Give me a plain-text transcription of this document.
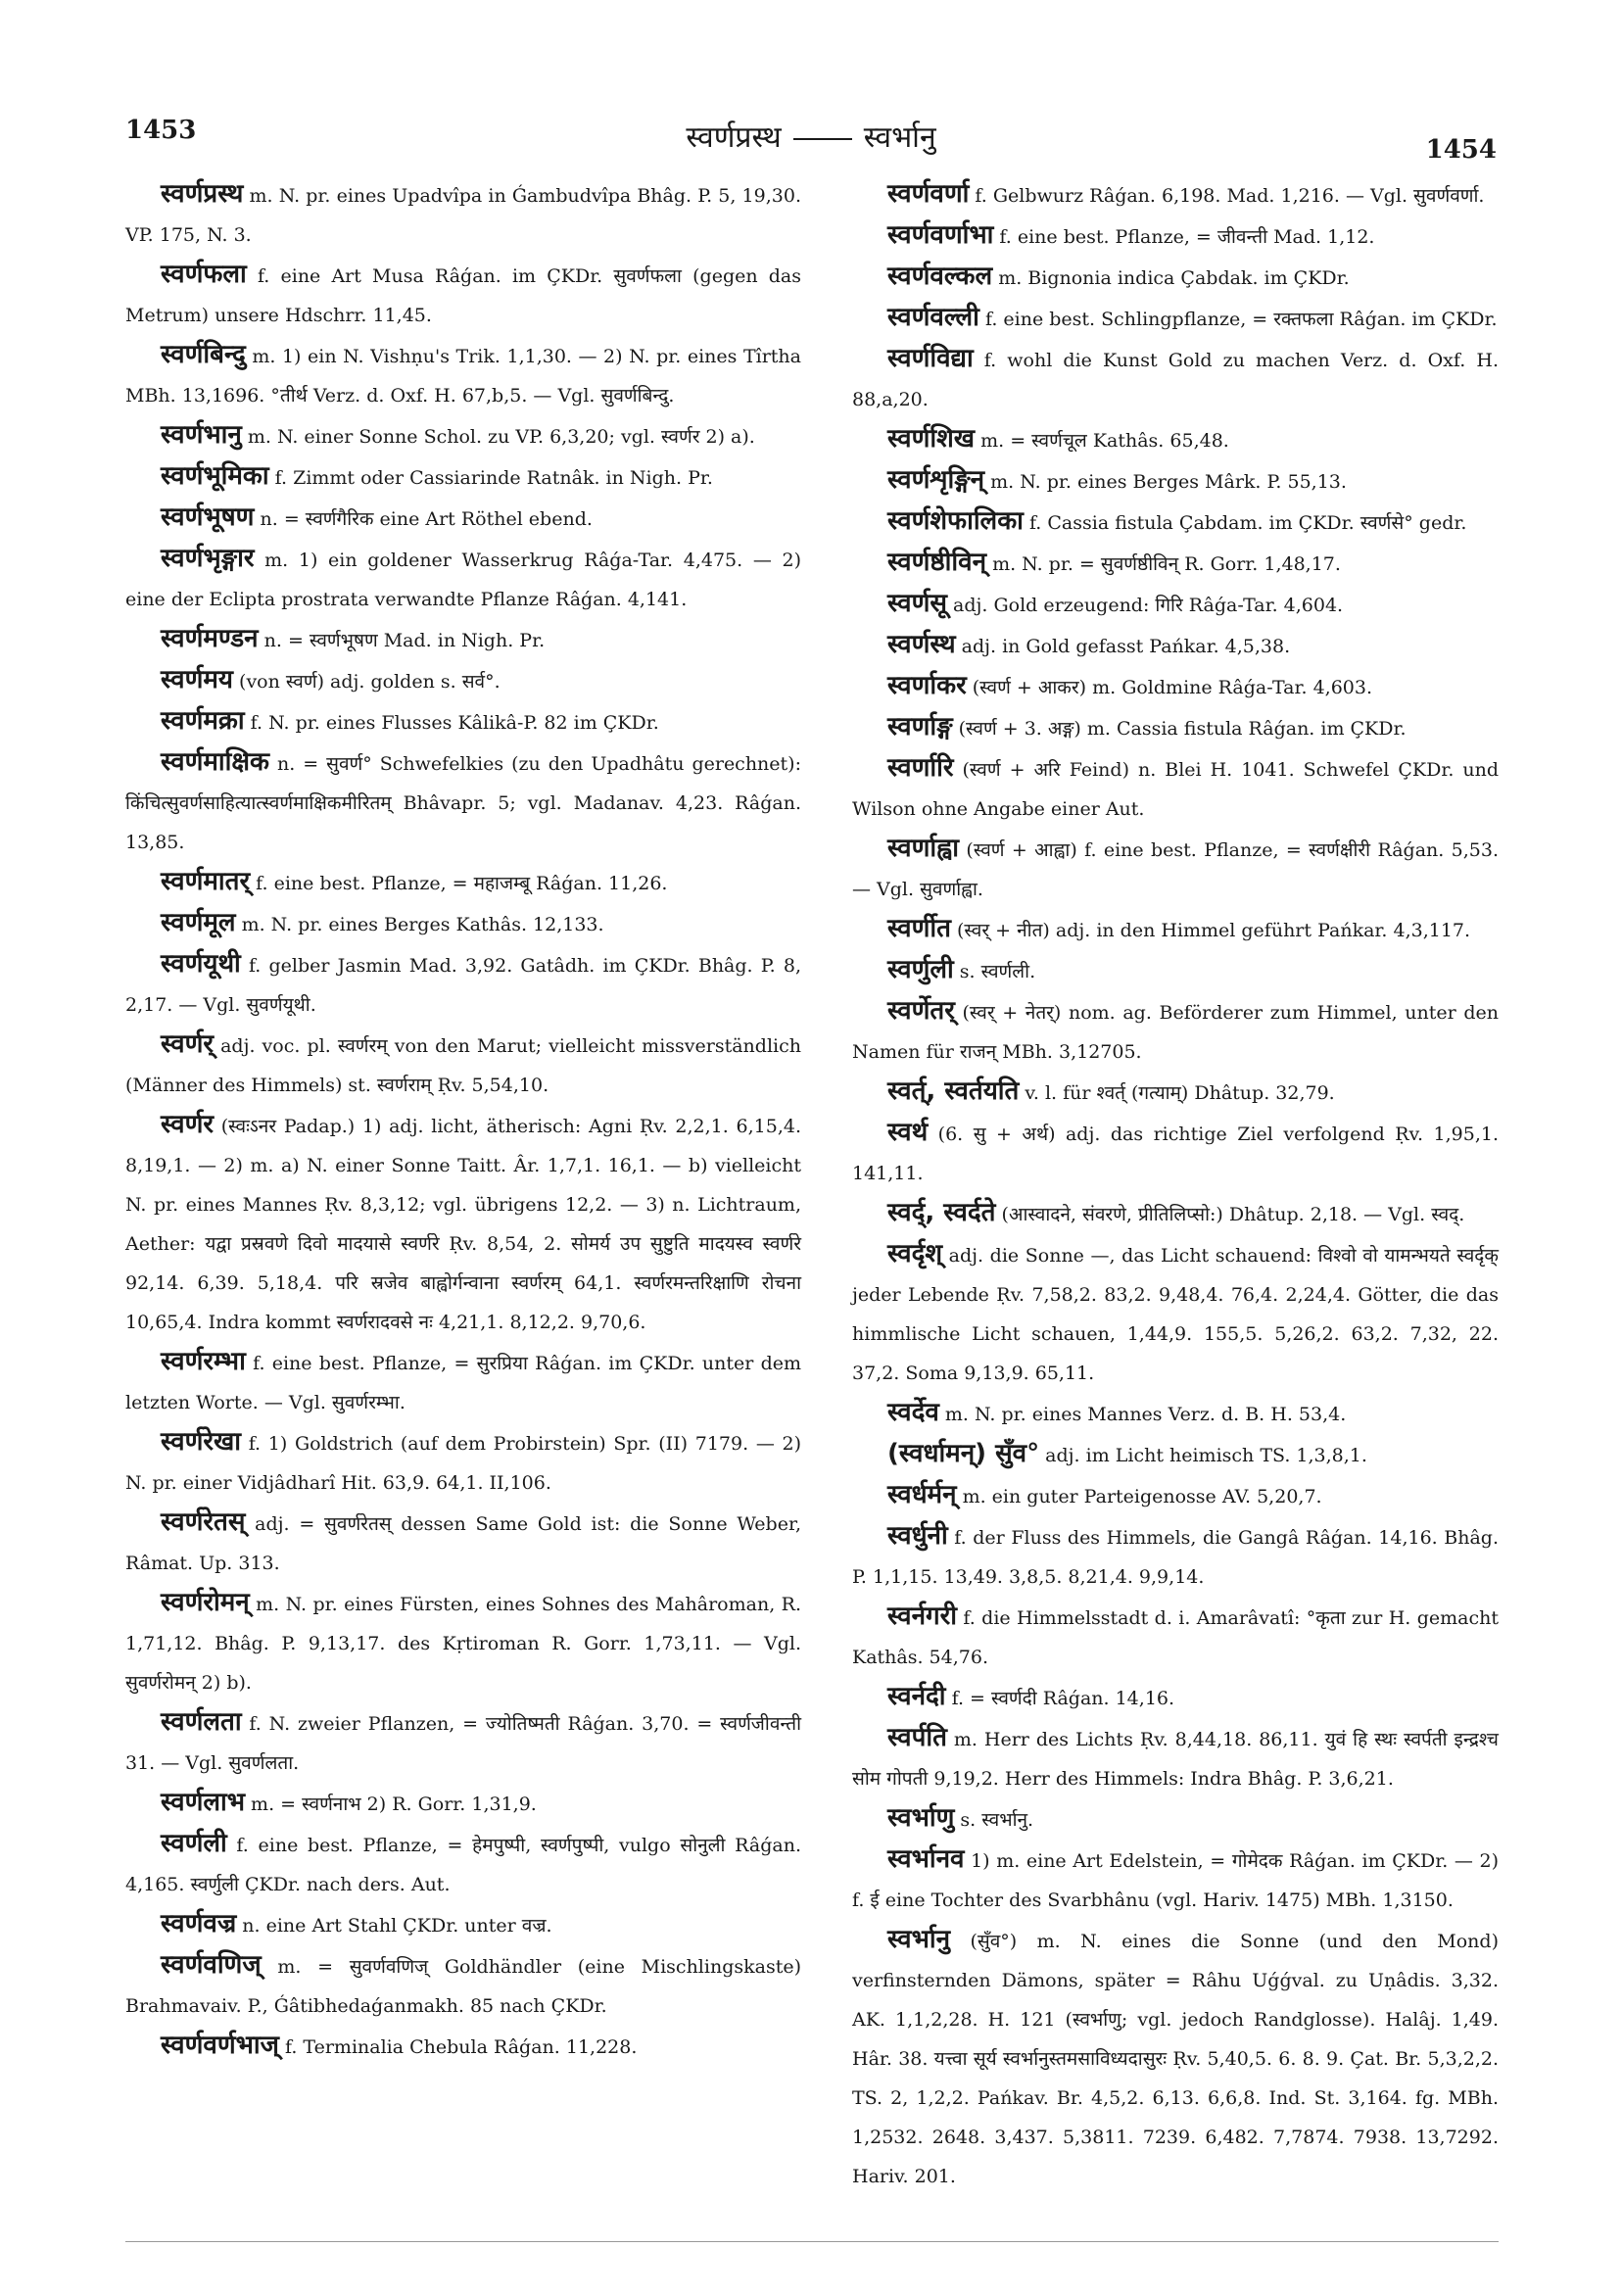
1453	स्वर्णप्रस्थ	स्वर्भानु	1454
स्वर्णप्रस्थ m. N. pr. eines Upadvîpa in Ǵambudvîpa Bhâg. P. 5, 19,30. VP. 175, N. 3.
स्वर्णफला f. eine Art Musa Râǵan. im ÇKDr. सुवर्णफला (gegen das Metrum) unsere Hdschrr. 11,45.
स्वर्णबिन्दु m. 1) ein N. Vishṇu's Trik. 1,1,30. — 2) N. pr. eines Tîrtha MBh. 13,1696. °तीर्थ Verz. d. Oxf. H. 67,b,5. — Vgl. सुवर्णबिन्दु.
स्वर्णभानु m. N. einer Sonne Schol. zu VP. 6,3,20; vgl. स्वर्णर 2) a).
स्वर्णभूमिका f. Zimmt oder Cassiarinde Ratnâk. in Nigh. Pr.
स्वर्णभूषण n. = स्वर्णगैरिक eine Art Röthel ebend.
स्वर्णभृङ्गार m. 1) ein goldener Wasserkrug Râǵa-Tar. 4,475. — 2) eine der Eclipta prostrata verwandte Pflanze Râǵan. 4,141.
स्वर्णमण्डन n. = स्वर्णभूषण Mad. in Nigh. Pr.
स्वर्णमय (von स्वर्ण) adj. golden s. सर्व°.
स्वर्णमक्रा f. N. pr. eines Flusses Kâlikâ-P. 82 im ÇKDr.
स्वर्णमाक्षिक n. = सुवर्ण° Schwefelkies (zu den Upadhâtu gerechnet): किंचित्सुवर्णसाहित्यात्स्वर्णमाक्षिकमीरितम् Bhâvapr. 5; vgl. Madanav. 4,23. Râǵan. 13,85.
स्वर्णमातर् f. eine best. Pflanze, = महाजम्बू Râǵan. 11,26.
स्वर्णमूल m. N. pr. eines Berges Kathâs. 12,133.
स्वर्णयूथी f. gelber Jasmin Mad. 3,92. Gatâdh. im ÇKDr. Bhâg. P. 8, 2,17. — Vgl. सुवर्णयूथी.
स्वर्णर् adj. voc. pl. स्वर्णरम् von den Marut; vielleicht missverständlich (Männer des Himmels) st. स्वर्णराम् Ṛv. 5,54,10.
स्वर्णर (स्वःऽनर Padap.) 1) adj. licht, ätherisch: Agni Ṛv. 2,2,1. 6,15,4. 8,19,1. — 2) m. a) N. einer Sonne Taitt. Âr. 1,7,1. 16,1. — b) vielleicht N. pr. eines Mannes Ṛv. 8,3,12; vgl. übrigens 12,2. — 3) n. Lichtraum, Aether: यद्वा प्रस्रवणे दिवो मादयासे स्वर्णरे Ṛv. 8,54, 2. सोमर्य उप सुष्टुति मादयस्व स्वर्णरे 92,14. 6,39. 5,18,4. परि स्रजेव बाह्वोर्गन्वाना स्वर्णरम् 64,1. स्वर्णरमन्तरिक्षाणि रोचना 10,65,4. Indra kommt स्वर्णरादवसे नः 4,21,1. 8,12,2. 9,70,6.
स्वर्णरम्भा f. eine best. Pflanze, = सुरप्रिया Râǵan. im ÇKDr. unter dem letzten Worte. — Vgl. सुवर्णरम्भा.
स्वर्णरेखा f. 1) Goldstrich (auf dem Probirstein) Spr. (II) 7179. — 2) N. pr. einer Vidjâdharî Hit. 63,9. 64,1. II,106.
स्वर्णरेतस् adj. = सुवर्णरेतस् dessen Same Gold ist: die Sonne Weber, Râmat. Up. 313.
स्वर्णरोमन् m. N. pr. eines Fürsten, eines Sohnes des Mahâroman, R. 1,71,12. Bhâg. P. 9,13,17. des Kṛtiroman R. Gorr. 1,73,11. — Vgl. सुवर्णरोमन् 2) b).
स्वर्णलता f. N. zweier Pflanzen, = ज्योतिष्मती Râǵan. 3,70. = स्वर्णजीवन्ती 31. — Vgl. सुवर्णलता.
स्वर्णलाभ m. = स्वर्णनाभ 2) R. Gorr. 1,31,9.
स्वर्णली f. eine best. Pflanze, = हेमपुष्पी, स्वर्णपुष्पी, vulgo सोनुली Râǵan. 4,165. स्वर्णुली ÇKDr. nach ders. Aut.
स्वर्णवज्र n. eine Art Stahl ÇKDr. unter वज्र.
स्वर्णवणिज् m. = सुवर्णवणिज् Goldhändler (eine Mischlingskaste) Brahmavaiv. P., Ǵâtibhedaǵanmakh. 85 nach ÇKDr.
स्वर्णवर्णभाज् f. Terminalia Chebula Râǵan. 11,228.
स्वर्णवर्णा f. Gelbwurz Râǵan. 6,198. Mad. 1,216. — Vgl. सुवर्णवर्णा.
स्वर्णवर्णाभा f. eine best. Pflanze, = जीवन्ती Mad. 1,12.
स्वर्णवल्कल m. Bignonia indica Çabdak. im ÇKDr.
स्वर्णवल्ली f. eine best. Schlingpflanze, = रक्तफला Râǵan. im ÇKDr.
स्वर्णविद्या f. wohl die Kunst Gold zu machen Verz. d. Oxf. H. 88,a,20.
स्वर्णशिख m. = स्वर्णचूल Kathâs. 65,48.
स्वर्णशृङ्गिन् m. N. pr. eines Berges Mârk. P. 55,13.
स्वर्णशेफालिका f. Cassia fistula Çabdam. im ÇKDr. स्वर्णसे° gedr.
स्वर्णष्ठीविन् m. N. pr. = सुवर्णष्ठीविन् R. Gorr. 1,48,17.
स्वर्णसू adj. Gold erzeugend: गिरि Râǵa-Tar. 4,604.
स्वर्णस्थ adj. in Gold gefasst Pańkar. 4,5,38.
स्वर्णाकर (स्वर्ण + आकर) m. Goldmine Râǵa-Tar. 4,603.
स्वर्णाङ्ग (स्वर्ण + 3. अङ्ग) m. Cassia fistula Râǵan. im ÇKDr.
स्वर्णारि (स्वर्ण + अरि Feind) n. Blei H. 1041. Schwefel ÇKDr. und Wilson ohne Angabe einer Aut.
स्वर्णाह्वा (स्वर्ण + आह्वा) f. eine best. Pflanze, = स्वर्णक्षीरी Râǵan. 5,53. — Vgl. सुवर्णाह्वा.
स्वर्णीत (स्वर् + नीत) adj. in den Himmel geführt Pańkar. 4,3,117.
स्वर्णुली s. स्वर्णली.
स्वर्णेतर् (स्वर् + नेतर्) nom. ag. Beförderer zum Himmel, unter den Namen für राजन् MBh. 3,12705.
स्वर्त्, स्वर्तयति v. l. für श्वर्त् (गत्याम्) Dhâtup. 32,79.
स्वर्थ (6. सु + अर्थ) adj. das richtige Ziel verfolgend Ṛv. 1,95,1. 141,11.
स्वर्द्, स्वर्दते (आस्वादने, संवरणे, प्रीतिलिप्सो:) Dhâtup. 2,18. — Vgl. स्वद्.
स्वर्दृश् adj. die Sonne —, das Licht schauend: विश्वो वो यामन्भयते स्वर्दृक् jeder Lebende Ṛv. 7,58,2. 83,2. 9,48,4. 76,4. 2,24,4. Götter, die das himmlische Licht schauen, 1,44,9. 155,5. 5,26,2. 63,2. 7,32, 22. 37,2. Soma 9,13,9. 65,11.
स्वर्देव m. N. pr. eines Mannes Verz. d. B. H. 53,4.
(स्वर्धामन्) सुँव° adj. im Licht heimisch TS. 1,3,8,1.
स्वर्धर्मन् m. ein guter Parteigenosse AV. 5,20,7.
स्वर्धुनी f. der Fluss des Himmels, die Gangâ Râǵan. 14,16. Bhâg. P. 1,1,15. 13,49. 3,8,5. 8,21,4. 9,9,14.
स्वर्नगरी f. die Himmelsstadt d. i. Amarâvatî: °कृता zur H. gemacht Kathâs. 54,76.
स्वर्नदी f. = स्वर्णदी Râǵan. 14,16.
स्वर्पति m. Herr des Lichts Ṛv. 8,44,18. 86,11. युवं हि स्थः स्वर्पती इन्द्रश्च सोम गोपती 9,19,2. Herr des Himmels: Indra Bhâg. P. 3,6,21.
स्वर्भाणु s. स्वर्भानु.
स्वर्भानव 1) m. eine Art Edelstein, = गोमेदक Râǵan. im ÇKDr. — 2) f. ई eine Tochter des Svarbhânu (vgl. Hariv. 1475) MBh. 1,3150.
स्वर्भानु (सुँव°) m. N. eines die Sonne (und den Mond) verfinsternden Dämons, später = Râhu Uǵǵval. zu Uṇâdis. 3,32. AK. 1,1,2,28. H. 121 (स्वर्भाणु; vgl. jedoch Randglosse). Halâj. 1,49. Hâr. 38. यत्त्वा सूर्य स्वर्भानुस्तमसाविध्यदासुरः Ṛv. 5,40,5. 6. 8. 9. Çat. Br. 5,3,2,2. TS. 2, 1,2,2. Pańkav. Br. 4,5,2. 6,13. 6,6,8. Ind. St. 3,164. fg. MBh. 1,2532. 2648. 3,437. 5,3811. 7239. 6,482. 7,7874. 7938. 13,7292. Hariv. 201.
